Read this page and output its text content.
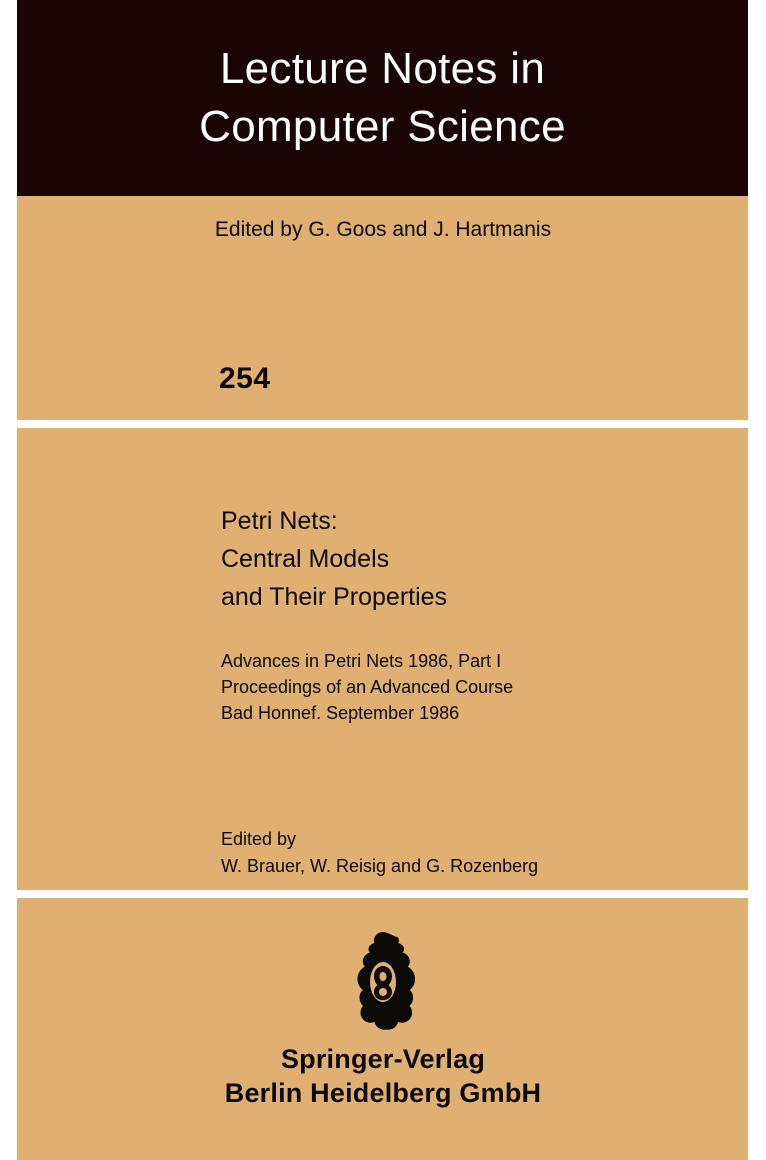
Lecture Notes in
Computer Science
Edited by G. Goos and J. Hartmanis
254
Petri Nets:
Central Models
and Their Properties
Advances in Petri Nets 1986, Part I
Proceedings of an Advanced Course
Bad Honnef. September 1986
Edited by
W. Brauer, W. Reisig and G. Rozenberg
Springer-Verlag
Berlin Heidelberg GmbH
